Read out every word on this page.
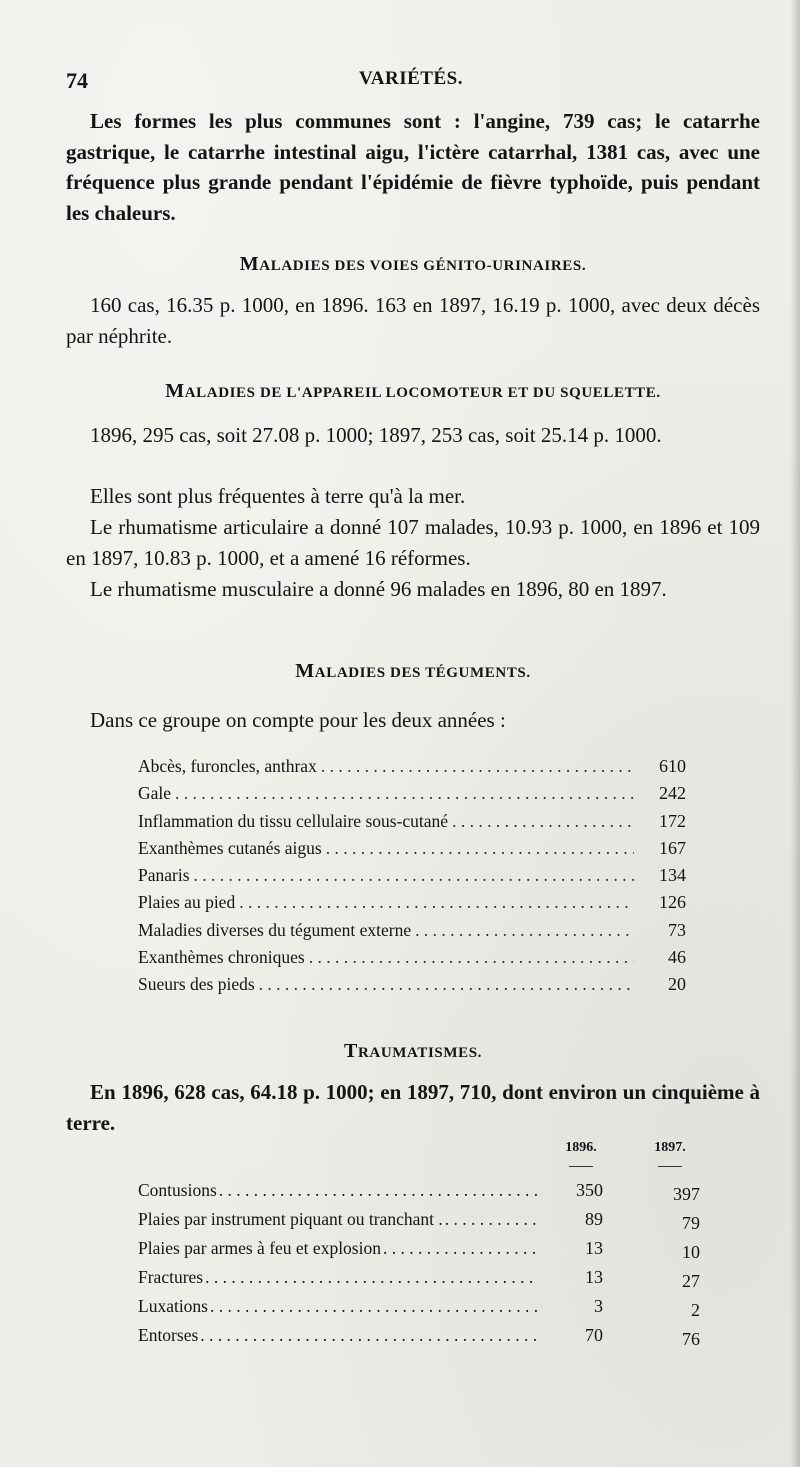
74	VARIÉTÉS.

Les formes les plus communes sont : l'angine, 739 cas; le catarrhe gastrique, le catarrhe intestinal aigu, l'ictère catarrhal, 1381 cas, avec une fréquence plus grande pendant l'épidémie de fièvre typhoïde, puis pendant les chaleurs.

MALADIES DES VOIES GÉNITO-URINAIRES.

160 cas, 16.35 p. 1000, en 1896. 163 en 1897, 16.19 p. 1000, avec deux décès par néphrite.

MALADIES DE L'APPAREIL LOCOMOTEUR ET DU SQUELETTE.

1896, 295 cas, soit 27.08 p. 1000; 1897, 253 cas, soit 25.14 p. 1000.

Elles sont plus fréquentes à terre qu'à la mer.

Le rhumatisme articulaire a donné 107 malades, 10.93 p. 1000, en 1896 et 109 en 1897, 10.83 p. 1000, et a amené 16 réformes.

Le rhumatisme musculaire a donné 96 malades en 1896, 80 en 1897.

MALADIES DES TÉGUMENTS.

Dans ce groupe on compte pour les deux années :

Abcès, furoncles, anthrax . . .	610
Gale . . .	242
Inflammation du tissu cellulaire sous-cutané . . .	172
Exanthèmes cutanés aigus . . .	167
Panaris . . .	134
Plaies au pied . . .	126
Maladies diverses du tégument externe . . .	73
Exanthèmes chroniques . . .	46
Sueurs des pieds . . .	20
TRAUMATISMES.

En 1896, 628 cas, 64.18 p. 1000; en 1897, 710, dont environ un cinquième à terre.

1896.	1897.
Contusions . . .	350	397
Plaies par instrument piquant ou tranchant . . . .	89	79
Plaies par armes à feu et explosion . . .	13	10
Fractures . . .	13	27
Luxations . . .	3	2
Entorses . . .	70	76
